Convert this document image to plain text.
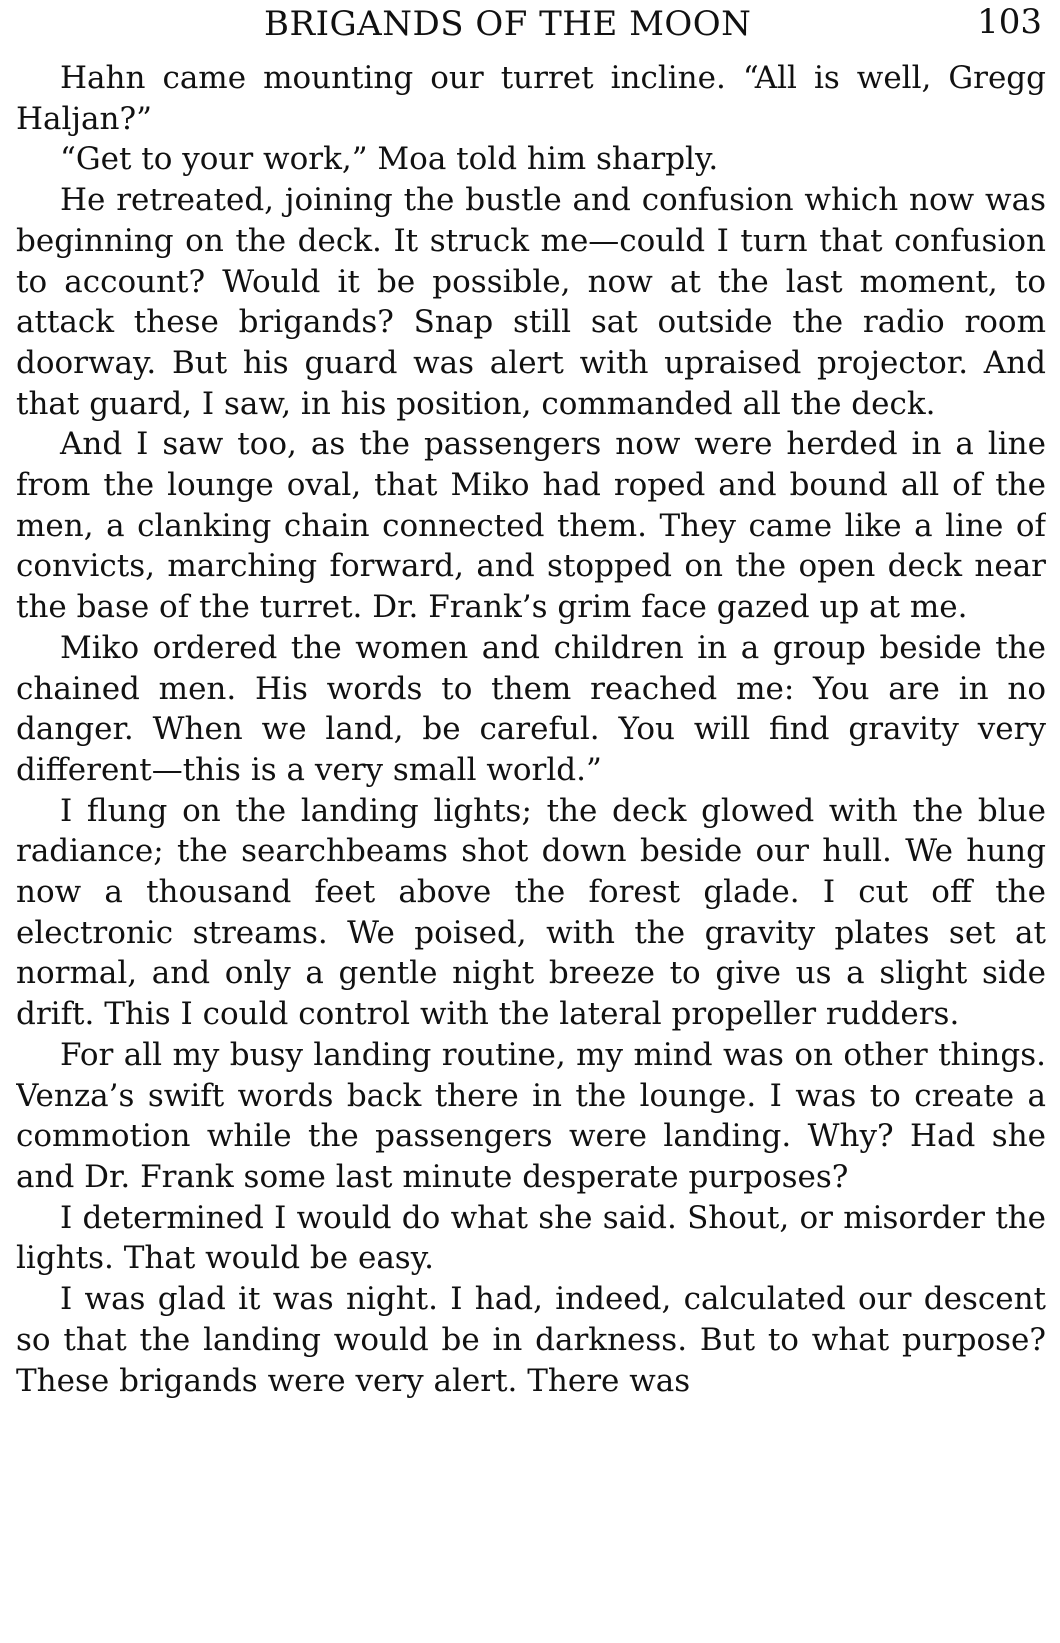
BRIGANDS OF THE MOON	103

Hahn came mounting our turret incline. “All is well, Gregg Haljan?”

“Get to your work,” Moa told him sharply.

He retreated, joining the bustle and confusion which now was beginning on the deck. It struck me—could I turn that confusion to account? Would it be possible, now at the last moment, to attack these brigands? Snap still sat outside the radio room doorway. But his guard was alert with upraised projector. And that guard, I saw, in his position, commanded all the deck.

And I saw too, as the passengers now were herded in a line from the lounge oval, that Miko had roped and bound all of the men, a clanking chain connected them. They came like a line of convicts, marching forward, and stopped on the open deck near the base of the turret. Dr. Frank’s grim face gazed up at me.

Miko ordered the women and children in a group beside the chained men. His words to them reached me: You are in no danger. When we land, be careful. You will find gravity very different—this is a very small world.”

I flung on the landing lights; the deck glowed with the blue radiance; the searchbeams shot down beside our hull. We hung now a thousand feet above the forest glade. I cut off the electronic streams. We poised, with the gravity plates set at normal, and only a gentle night breeze to give us a slight side drift. This I could control with the lateral propeller rudders.

For all my busy landing routine, my mind was on other things. Venza’s swift words back there in the lounge. I was to create a commotion while the passengers were landing. Why? Had she and Dr. Frank some last minute desperate purposes?

I determined I would do what she said. Shout, or misorder the lights. That would be easy.

I was glad it was night. I had, indeed, calculated our descent so that the landing would be in darkness. But to what purpose? These brigands were very alert. There was
